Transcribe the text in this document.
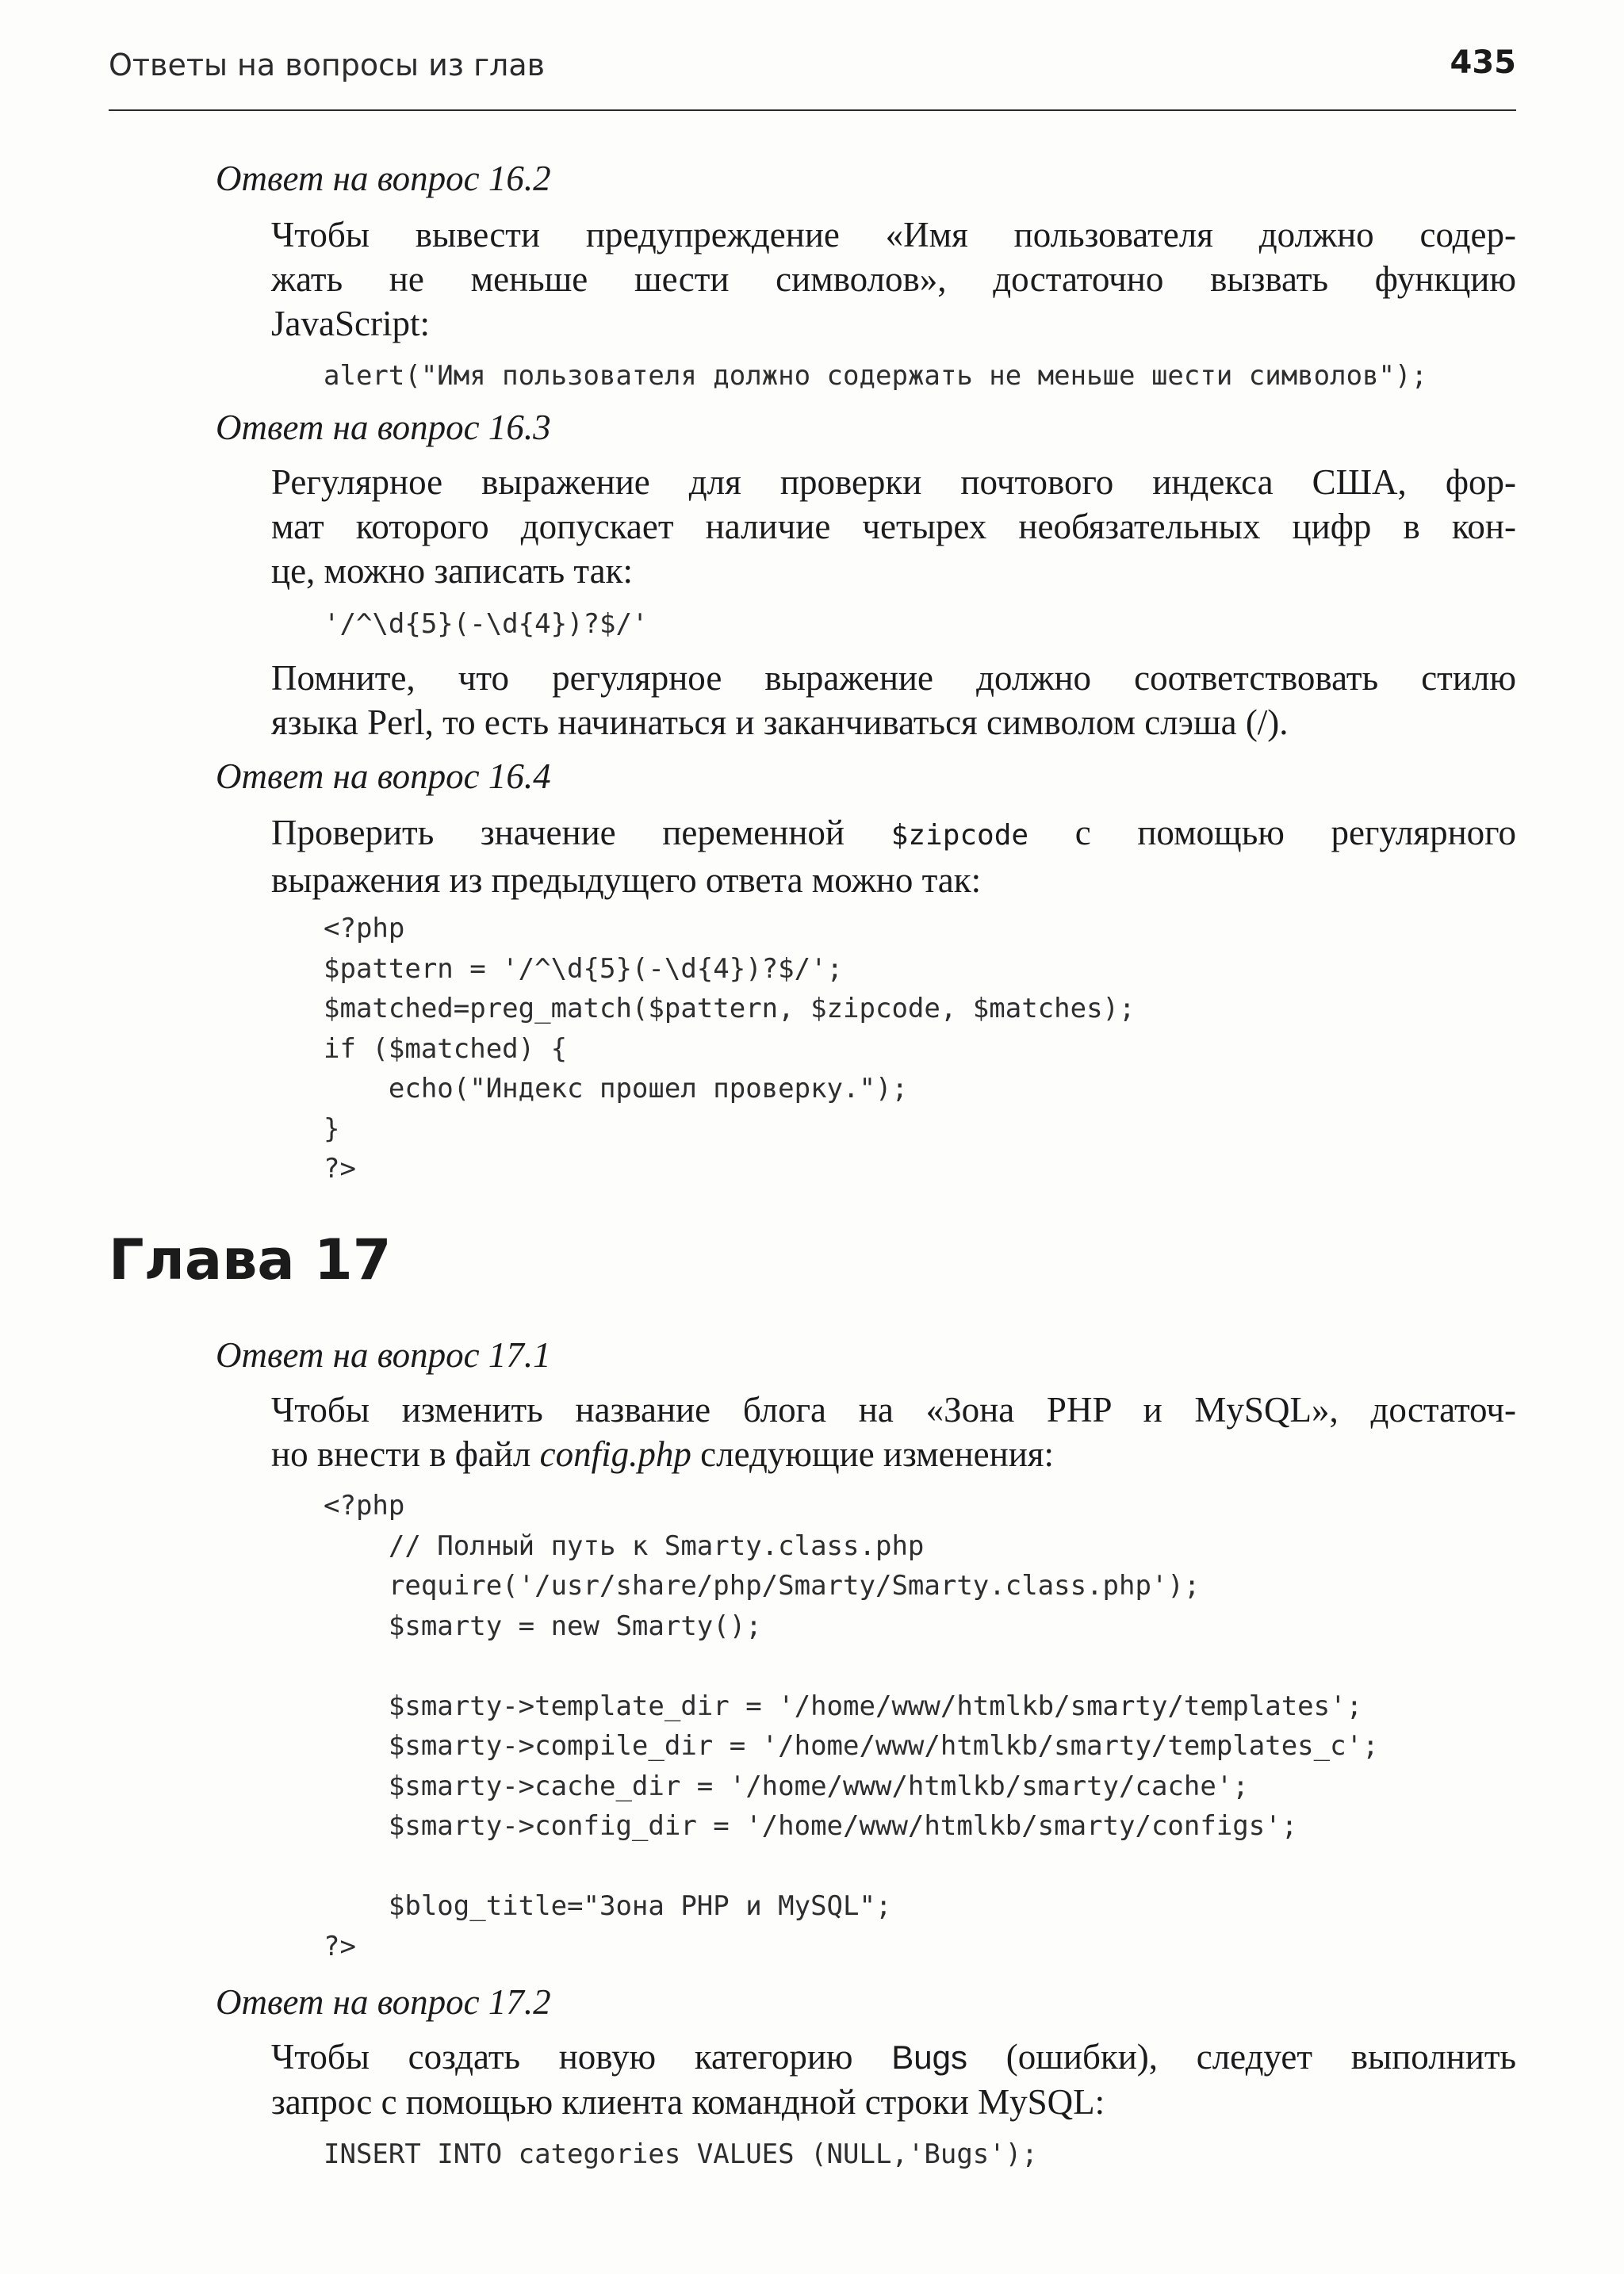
Ответы на вопросы из глав	435
Ответ на вопрос 16.2
Чтобы вывести предупреждение «Имя пользователя должно содер-
жать не меньше шести символов», достаточно вызвать функцию
JavaScript:
alert("Имя пользователя должно содержать не меньше шести символов");
Ответ на вопрос 16.3
Регулярное выражение для проверки почтового индекса США, фор-
мат которого допускает наличие четырех необязательных цифр в кон-
це, можно записать так:
'/^\d{5}(-\d{4})?$/'
Помните, что регулярное выражение должно соответствовать стилю
языка Perl, то есть начинаться и заканчиваться символом слэша (/).
Ответ на вопрос 16.4
Проверить значение переменной $zipcode с помощью регулярного
выражения из предыдущего ответа можно так:
<?php
$pattern = '/^\d{5}(-\d{4})?$/';
$matched=preg_match($pattern, $zipcode, $matches);
if ($matched) {
echo("Индекс прошел проверку.");
}
?>
Глава 17
Ответ на вопрос 17.1
Чтобы изменить название блога на «Зона PHP и MySQL», достаточ-
но внести в файл config.php следующие изменения:
<?php
// Полный путь к Smarty.class.php
require('/usr/share/php/Smarty/Smarty.class.php');
$smarty = new Smarty();

$smarty->template_dir = '/home/www/htmlkb/smarty/templates';
$smarty->compile_dir = '/home/www/htmlkb/smarty/templates_c';
$smarty->cache_dir = '/home/www/htmlkb/smarty/cache';
$smarty->config_dir = '/home/www/htmlkb/smarty/configs';

$blog_title="Зона PHP и MySQL";
?>
Ответ на вопрос 17.2
Чтобы создать новую категорию Bugs (ошибки), следует выполнить
запрос с помощью клиента командной строки MySQL:
INSERT INTO categories VALUES (NULL,'Bugs');
